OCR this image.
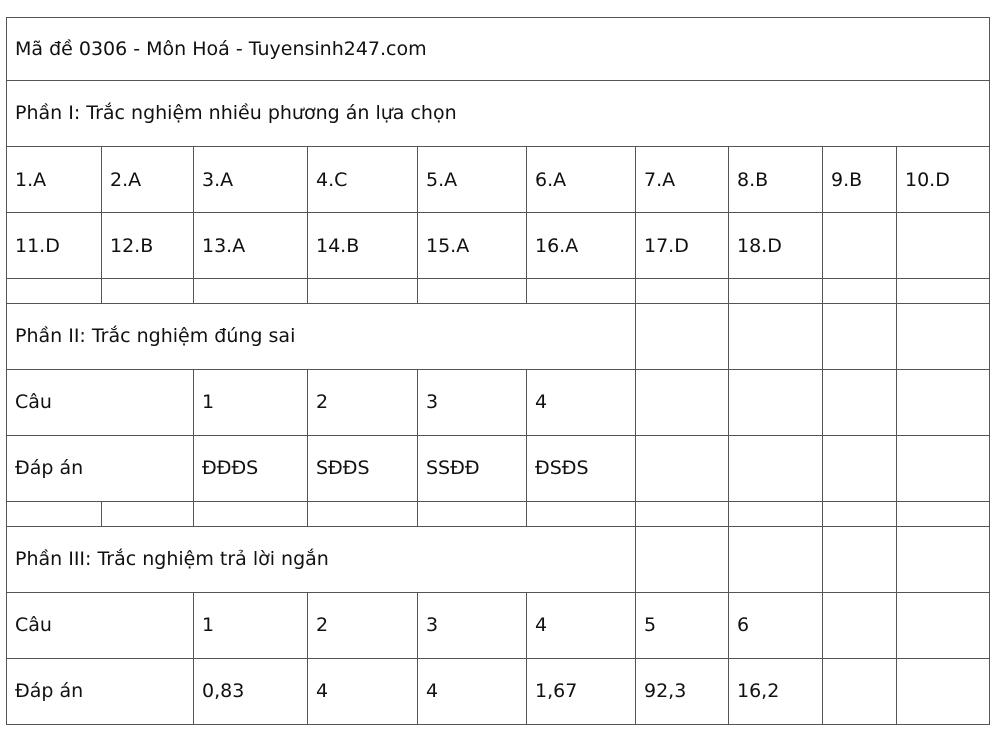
Mã đề 0306 - Môn Hoá - Tuyensinh247.com									
Phần I: Trắc nghiệm nhiều phương án lựa chọn									
1.A	2.A	3.A	4.C	5.A	6.A	7.A	8.B	9.B	10.D
11.D	12.B	13.A	14.B	15.A	16.A	17.D	18.D		

Phần II: Trắc nghiệm đúng sai									
Câu		1	2	3	4				
Đáp án		ĐĐĐS	SĐĐS	SSĐĐ	ĐSĐS				

Phần III: Trắc nghiệm trả lời ngắn									
Câu		1	2	3	4	5	6		
Đáp án		0,83	4	4	1,67	92,3	16,2		
